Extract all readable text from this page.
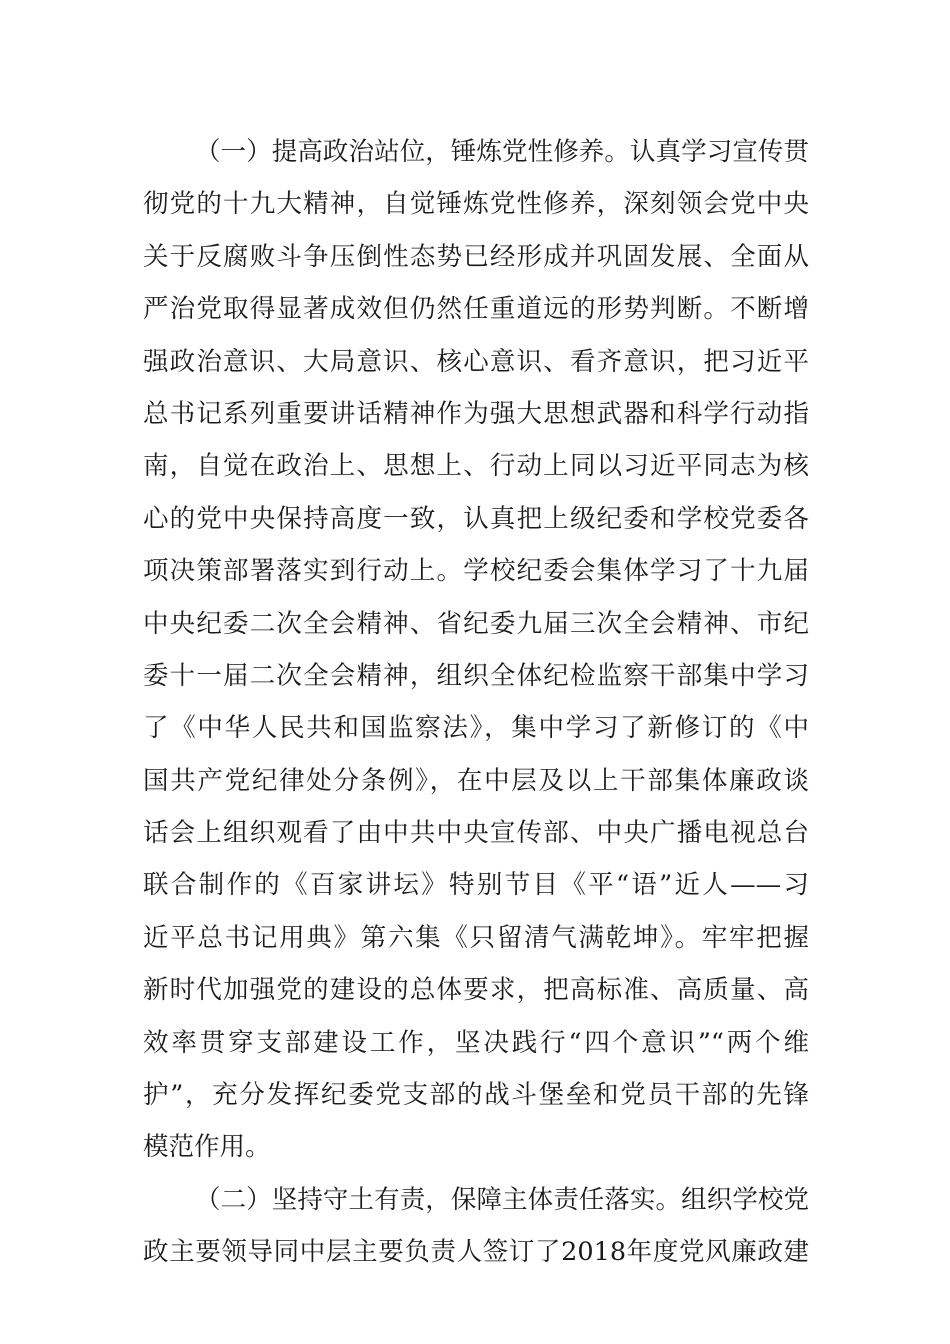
（一）提高政治站位，锤炼党性修养。认真学习宣传贯
彻党的十九大精神，自觉锤炼党性修养，深刻领会党中央
关于反腐败斗争压倒性态势已经形成并巩固发展、全面从
严治党取得显著成效但仍然任重道远的形势判断。不断增
强政治意识、大局意识、核心意识、看齐意识，把习近平
总书记系列重要讲话精神作为强大思想武器和科学行动指
南，自觉在政治上、思想上、行动上同以习近平同志为核
心的党中央保持高度一致，认真把上级纪委和学校党委各
项决策部署落实到行动上。学校纪委会集体学习了十九届
中央纪委二次全会精神、省纪委九届三次全会精神、市纪
委十一届二次全会精神，组织全体纪检监察干部集中学习
了《中华人民共和国监察法》，集中学习了新修订的《中
国共产党纪律处分条例》，在中层及以上干部集体廉政谈
话会上组织观看了由中共中央宣传部、中央广播电视总台
联合制作的《百家讲坛》特别节目《平“语”近人——习
近平总书记用典》第六集《只留清气满乾坤》。牢牢把握
新时代加强党的建设的总体要求，把高标准、高质量、高
效率贯穿支部建设工作，坚决践行“四个意识”“两个维
护”，充分发挥纪委党支部的战斗堡垒和党员干部的先锋
模范作用。
（二）坚持守土有责，保障主体责任落实。组织学校党
政主要领导同中层主要负责人签订了2018年度党风廉政建
